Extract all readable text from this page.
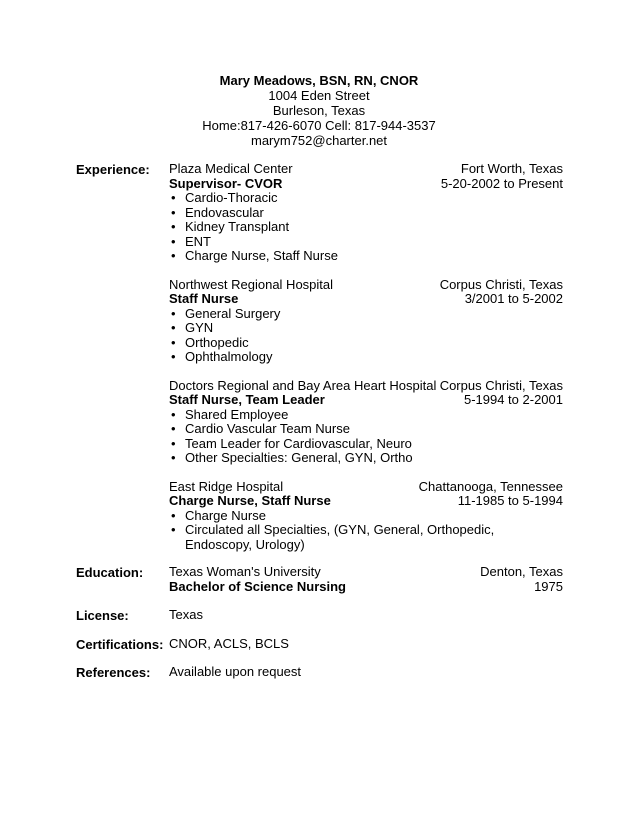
Mary Meadows, BSN, RN, CNOR
1004 Eden Street
Burleson, Texas
Home:817-426-6070 Cell: 817-944-3537
marym752@charter.net
Experience: Plaza Medical Center	Fort Worth, Texas
Supervisor- CVOR	5-20-2002 to Present
• Cardio-Thoracic
• Endovascular
• Kidney Transplant
• ENT
• Charge Nurse, Staff Nurse
Northwest Regional Hospital	Corpus Christi, Texas
Staff Nurse	3/2001 to 5-2002
• General Surgery
• GYN
• Orthopedic
• Ophthalmology
Doctors Regional and Bay Area Heart Hospital Corpus Christi, Texas
Staff Nurse, Team Leader	5-1994 to 2-2001
• Shared Employee
• Cardio Vascular Team Nurse
• Team Leader for Cardiovascular, Neuro
• Other Specialties: General, GYN, Ortho
East Ridge Hospital	Chattanooga, Tennessee
Charge Nurse, Staff Nurse	11-1985 to 5-1994
• Charge Nurse
• Circulated all Specialties, (GYN, General, Orthopedic, Endoscopy, Urology)
Education: Texas Woman's University	Denton, Texas
Bachelor of Science Nursing	1975
License:	Texas
Certifications: CNOR, ACLS, BCLS
References: Available upon request
